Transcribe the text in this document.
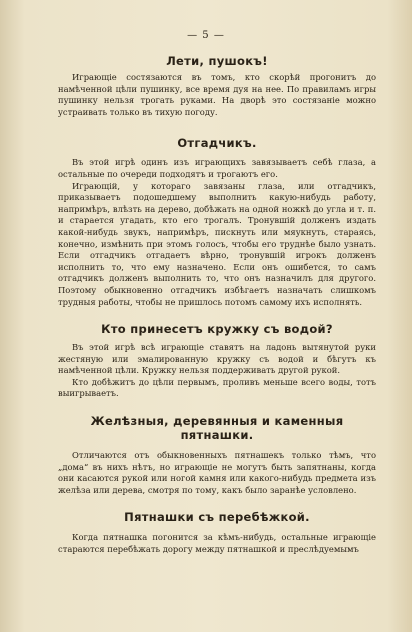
— 5 —
Лети, пушокъ!

Играющіе состязаются въ томъ, кто скорѣй прогонитъ до намѣченной цѣли пушинку, все время дуя на нее. По правиламъ игры пушинку нельзя трогать руками. На дворѣ это состязаніе можно устраивать только въ тихую погоду.

Отгадчикъ.

Въ этой игрѣ одинъ изъ играющихъ завязываетъ себѣ глаза, а остальные по очереди подходятъ и трогаютъ его.

Играющій, у котораго завязаны глаза, или отгадчикъ, приказываетъ подошедшему выполнить какую-нибудь работу, напримѣръ, влѣзть на дерево, добѣжать на одной ножкѣ до угла и т. п. и старается угадать, кто его трогалъ. Тронувшій долженъ издать какой-нибудь звукъ, напримѣръ, пискнуть или мяукнуть, стараясь, конечно, измѣнить при этомъ голосъ, чтобы его труднѣе было узнать. Если отгадчикъ отгадаетъ вѣрно, тронувшій игрокъ долженъ исполнить то, что ему назначено. Если онъ ошибется, то самъ отгадчикъ долженъ выполнить то, что онъ назначилъ для другого. Поэтому обыкновенно отгадчикъ избѣгаетъ назначать слишкомъ трудныя работы, чтобы не пришлось потомъ самому ихъ исполнять.

Кто принесетъ кружку съ водой?

Въ этой игрѣ всѣ играющіе ставятъ на ладонь вытянутой руки жестяную или эмалированную кружку съ водой и бѣгутъ къ намѣченной цѣли. Кружку нельзя поддерживать другой рукой.

Кто добѣжитъ до цѣли первымъ, проливъ меньше всего воды, тотъ выигрываетъ.

Желѣзныя, деревянныя и каменныя пятнашки.

Отличаются отъ обыкновенныхъ пятнашекъ только тѣмъ, что „дома“ въ нихъ нѣтъ, но играющіе не могутъ быть запятнаны, когда они касаются рукой или ногой камня или какого-нибудь предмета изъ желѣза или дерева, смотря по тому, какъ было заранѣе условлено.

Пятнашки съ перебѣжкой.

Когда пятнашка погонится за кѣмъ-нибудь, остальные играющіе стараются перебѣжать дорогу между пятнашкой и преслѣдуемымъ
